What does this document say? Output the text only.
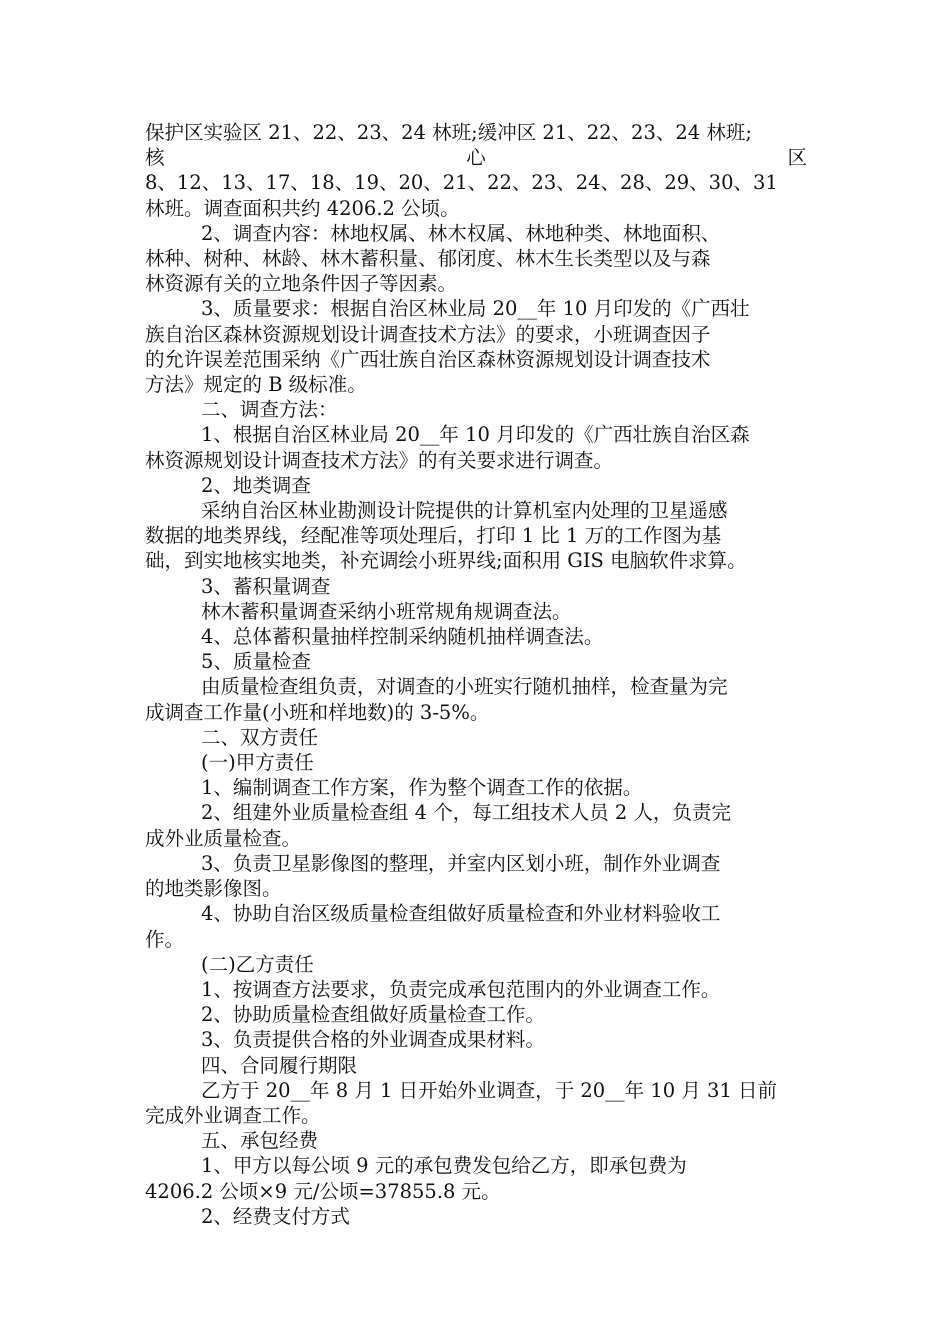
保护区实验区 21、22、23、24 林班;缓冲区 21、22、23、24 林班;
核	心	区
8、12、13、17、18、19、20、21、22、23、24、28、29、30、31
林班。调查面积共约 4206.2 公顷。
2、调查内容：林地权属、林木权属、林地种类、林地面积、
林种、树种、林龄、林木蓄积量、郁闭度、林木生长类型以及与森
林资源有关的立地条件因子等因素。
3、质量要求：根据自治区林业局 20__年 10 月印发的《广西壮
族自治区森林资源规划设计调查技术方法》的要求，小班调查因子
的允许误差范围采纳《广西壮族自治区森林资源规划设计调查技术
方法》规定的 B 级标准。
二、调查方法：
1、根据自治区林业局 20__年 10 月印发的《广西壮族自治区森
林资源规划设计调查技术方法》的有关要求进行调查。
2、地类调查
采纳自治区林业勘测设计院提供的计算机室内处理的卫星遥感
数据的地类界线，经配准等项处理后，打印 1 比 1 万的工作图为基
础，到实地核实地类，补充调绘小班界线;面积用 GIS 电脑软件求算。
3、蓄积量调查
林木蓄积量调查采纳小班常规角规调查法。
4、总体蓄积量抽样控制采纳随机抽样调查法。
5、质量检查
由质量检查组负责，对调查的小班实行随机抽样，检查量为完
成调查工作量(小班和样地数)的 3-5%。
二、双方责任
(一)甲方责任
1、编制调查工作方案，作为整个调查工作的依据。
2、组建外业质量检查组 4 个，每工组技术人员 2 人，负责完
成外业质量检查。
3、负责卫星影像图的整理，并室内区划小班，制作外业调查
的地类影像图。
4、协助自治区级质量检查组做好质量检查和外业材料验收工
作。
(二)乙方责任
1、按调查方法要求，负责完成承包范围内的外业调查工作。
2、协助质量检查组做好质量检查工作。
3、负责提供合格的外业调查成果材料。
四、合同履行期限
乙方于 20__年 8 月 1 日开始外业调查，于 20__年 10 月 31 日前
完成外业调查工作。
五、承包经费
1、甲方以每公顷 9 元的承包费发包给乙方，即承包费为
4206.2 公顷×9 元/公顷=37855.8 元。
2、经费支付方式
